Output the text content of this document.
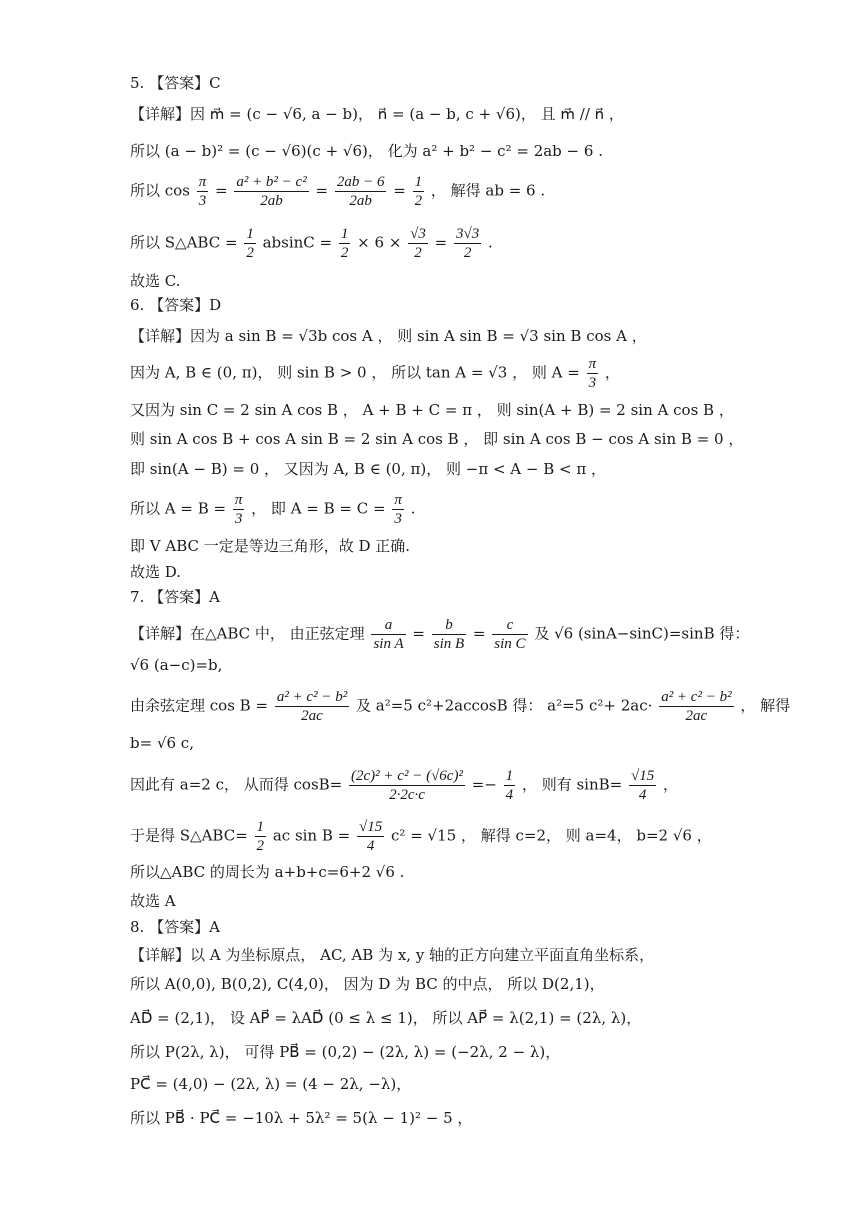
5. 【答案】C
【详解】因 m⃗ = (c − √6, a − b)， n⃗ = (a − b, c + √6)， 且 m⃗ // n⃗ ，
所以 (a − b)² = (c − √6)(c + √6)， 化为 a² + b² − c² = 2ab − 6 .
所以 $\cos \frac{\pi}{3} = \frac{\text{a² + b² − c²}}{2ab} = \frac{2ab - 6}{2ab} = \frac{1}{2}$ ， 解得 ab = 6 .
所以 S△ABC = $\frac{1}{2}$ $absinC = \frac{1}{2} \times 6 \times \frac{√3}{2} = \frac{3√3}{2}$ .
故选 C.
6. 【答案】D
【详解】因为 a sin B = √3b cos A ， 则 sin A sin B = √3 sin B cos A ，
因为 A, B ∈ (0, π)， 则 sin B > 0 ， 所以 tan A = √3 ， 则 $A = \frac{\pi}{3}$ ，
又因为 sin C = 2 sin A cos B ， A + B + C = π ， 则 sin(A + B) = 2 sin A cos B ，
则 sin A cos B + cos A sin B = 2 sin A cos B ， 即 sin A cos B − cos A sin B = 0 ，
即 sin(A − B) = 0 ， 又因为 A, B ∈ (0, π)， 则 −π < A − B < π ，
所以 $A = B = \frac{\pi}{3}$ ， 即 $A = B = C = \frac{\pi}{3}$ .
即 V ABC 一定是等边三角形，故 D 正确.
故选 D.
7. 【答案】A
【详解】在△ABC 中， 由正弦定理 $\frac{a}{\text{sin A}} = \frac{b}{\text{sin B}} = \frac{c}{\text{sin C}}$ 及 √6 (sinA−sinC)=sinB 得：
√6 (a−c)=b,
由余弦定理 $\cos B = \frac{\text{a² + c² − b²}}{2ac}$ 及 a²=5 c²+2accosB 得： a²=5 $c^2+ 2ac\cdot \frac{\text{a² + c² − b²}}{2ac}$ ， 解得
b= √6 c,
因此有 a=2 c， 从而得 $\cos B= \frac{\text{(2c)² + c² − (√6c)²}}{2\cdot 2c\cdot c} =- \frac{1}{4}$ ， 则有 $\sin B= \frac{√15}{4}$ ，
于是得 S△ABC= $\frac{1}{2}$ ac $\sin B = \frac{√15}{4} c^2 = √15$ ， 解得 c=2， 则 a=4， b=2 √6 ，
所以△ABC 的周长为 a+b+c=6+2 √6 .
故选 A
8. 【答案】A
【详解】以 A 为坐标原点， AC, AB 为 x, y 轴的正方向建立平面直角坐标系，
所以 A(0,0), B(0,2), C(4,0)， 因为 D 为 BC 的中点， 所以 D(2,1)，
AD⃗ = (2,1)， 设 AP⃗ = λAD⃗ (0 ≤ λ ≤ 1)， 所以 AP⃗ = λ(2,1) = (2λ, λ)，
所以 P(2λ, λ)， 可得 PB⃗ = (0,2) − (2λ, λ) = (−2λ, 2 − λ)，
PC⃗ = (4,0) − (2λ, λ) = (4 − 2λ, −λ)，
所以 PB⃗ · PC⃗ = −10λ + 5λ² = 5(λ − 1)² − 5 ，
